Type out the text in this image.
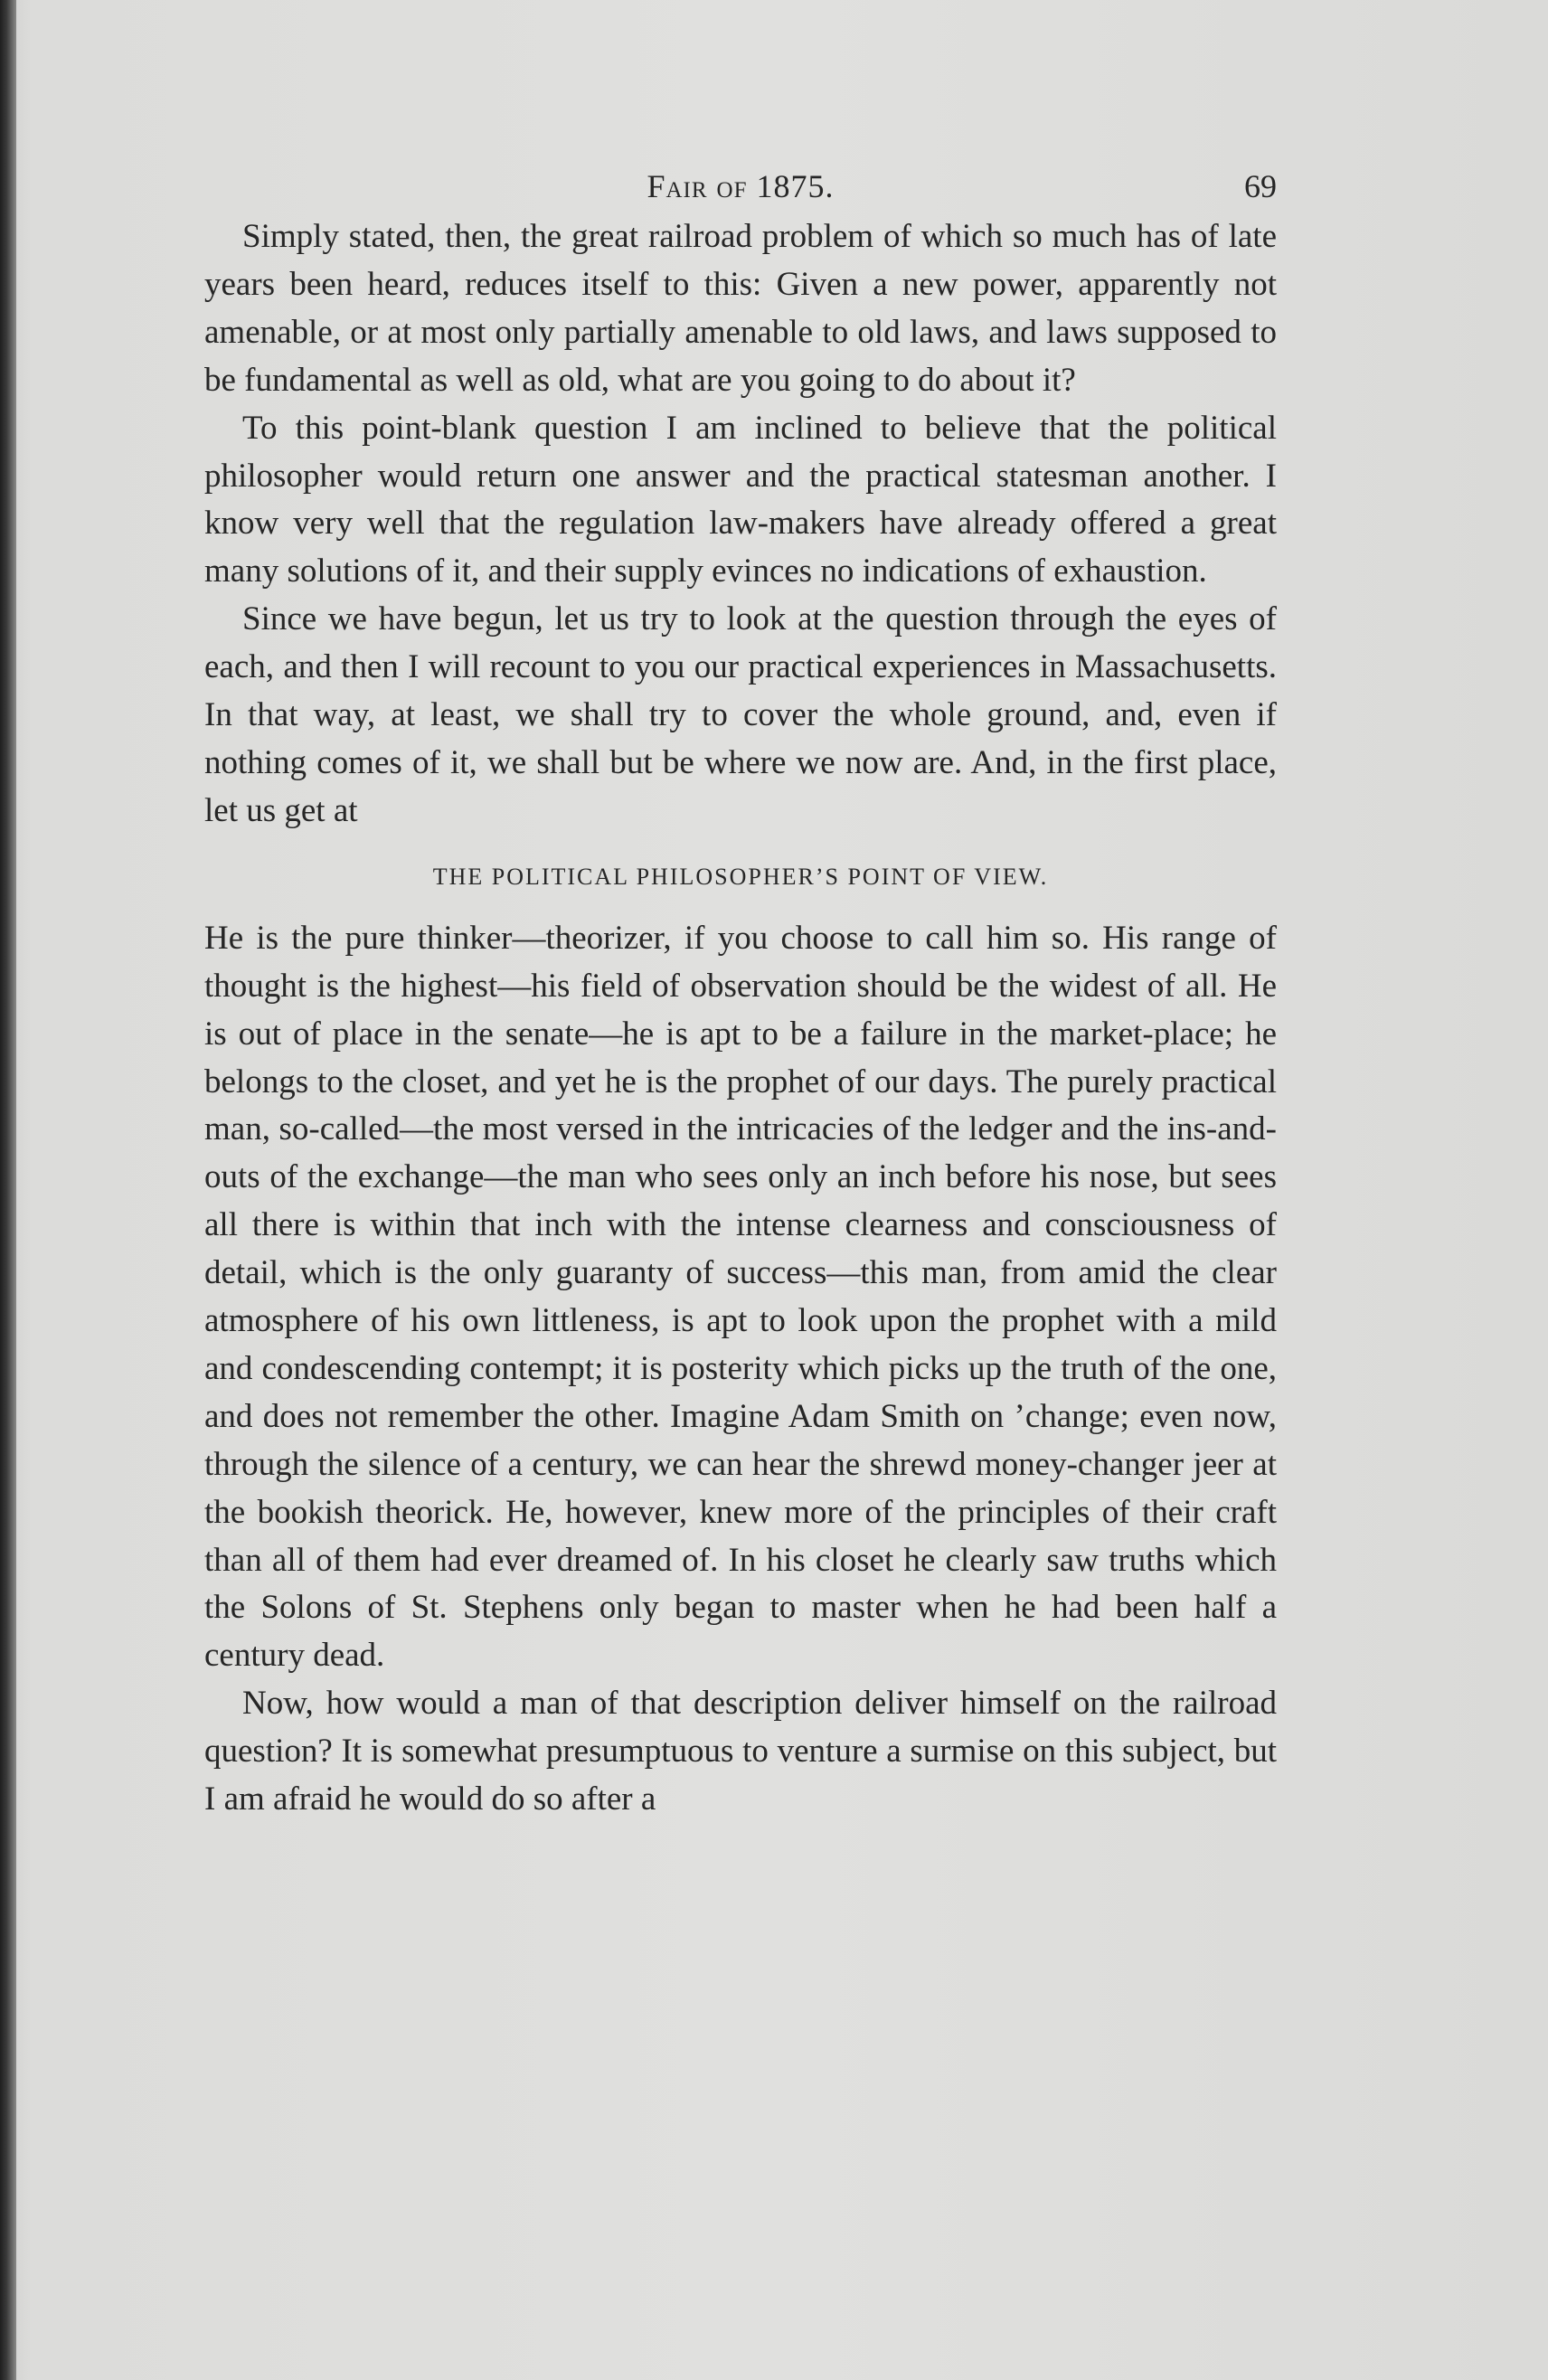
Fair of 1875.	69

Simply stated, then, the great railroad problem of which so much has of late years been heard, reduces itself to this: Given a new power, apparently not amenable, or at most only partially amenable to old laws, and laws supposed to be fundamental as well as old, what are you going to do about it?

To this point-blank question I am inclined to believe that the political philosopher would return one answer and the practical statesman another. I know very well that the regulation law-makers have already offered a great many solutions of it, and their supply evinces no indications of exhaustion.

Since we have begun, let us try to look at the question through the eyes of each, and then I will recount to you our practical experiences in Massachusetts. In that way, at least, we shall try to cover the whole ground, and, even if nothing comes of it, we shall but be where we now are. And, in the first place, let us get at

THE POLITICAL PHILOSOPHER’S POINT OF VIEW.

He is the pure thinker—theorizer, if you choose to call him so. His range of thought is the highest—his field of observation should be the widest of all. He is out of place in the senate—he is apt to be a failure in the market-place; he belongs to the closet, and yet he is the prophet of our days. The purely practical man, so-called—the most versed in the intricacies of the ledger and the ins-and-outs of the exchange—the man who sees only an inch before his nose, but sees all there is within that inch with the intense clearness and consciousness of detail, which is the only guaranty of success—this man, from amid the clear atmosphere of his own littleness, is apt to look upon the prophet with a mild and condescending contempt; it is posterity which picks up the truth of the one, and does not remember the other. Imagine Adam Smith on ’change; even now, through the silence of a century, we can hear the shrewd money-changer jeer at the bookish theorick. He, however, knew more of the principles of their craft than all of them had ever dreamed of. In his closet he clearly saw truths which the Solons of St. Stephens only began to master when he had been half a century dead.

Now, how would a man of that description deliver himself on the railroad question? It is somewhat presumptuous to venture a surmise on this subject, but I am afraid he would do so after a
